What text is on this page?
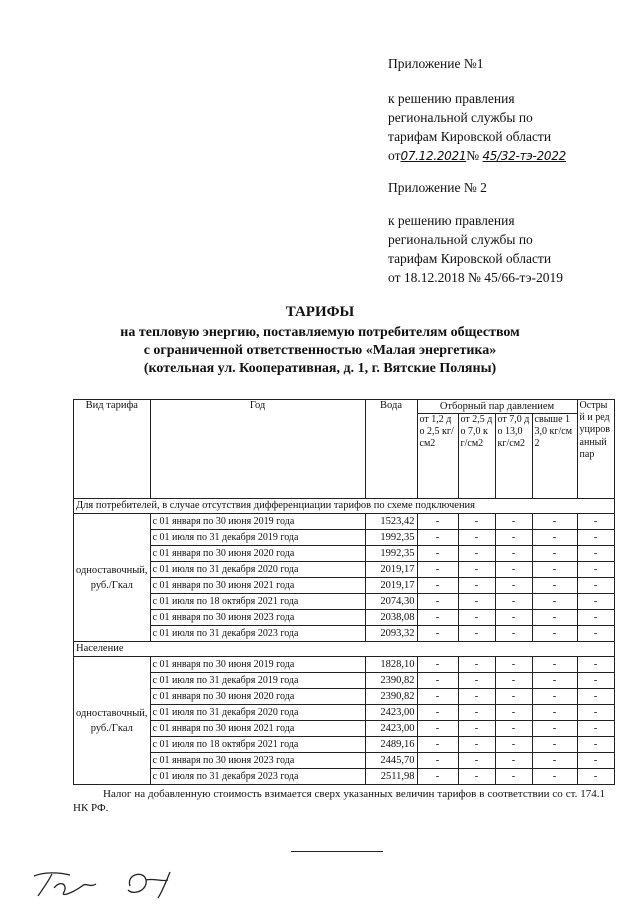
Приложение №1
к решению правления
региональной службы по
тарифам Кировской области
от07.12.2021№ 45/32-тэ-2022
Приложение № 2
к решению правления
региональной службы по
тарифам Кировской области
от 18.12.2018 № 45/66-тэ-2019
ТАРИФЫ
на тепловую энергию, поставляемую потребителям обществом
с ограниченной ответственностью «Малая энергетика»
(котельная ул. Кооперативная, д. 1, г. Вятские Поляны)
Вид тарифа	Год	Вода	Отборный пар давлением				Острый и редуцированный пар
			от 1,2 до 2,5 кг/см2	от 2,5 до 7,0 кг/см2	от 7,0 до 13,0 кг/см2	свыше 13,0 кг/см2	
Для потребителей, в случае отсутствия дифференциации тарифов по схеме подключения							
одноставочный, руб./Гкал	с 01 января по 30 июня 2019 года	1523,42	-	-	-	-	-
	с 01 июля по 31 декабря 2019 года	1992,35	-	-	-	-	-
	с 01 января по 30 июня 2020 года	1992,35	-	-	-	-	-
	с 01 июля по 31 декабря 2020 года	2019,17	-	-	-	-	-
	с 01 января по 30 июня 2021 года	2019,17	-	-	-	-	-
	с 01 июля по 18 октября 2021 года	2074,30	-	-	-	-	-
	с 01 января по 30 июня 2023 года	2038,08	-	-	-	-	-
	с 01 июля по 31 декабря 2023 года	2093,32	-	-	-	-	-
Население							
одноставочный, руб./Гкал	с 01 января по 30 июня 2019 года	1828,10	-	-	-	-	-
	с 01 июля по 31 декабря 2019 года	2390,82	-	-	-	-	-
	с 01 января по 30 июня 2020 года	2390,82	-	-	-	-	-
	с 01 июля по 31 декабря 2020 года	2423,00	-	-	-	-	-
	с 01 января по 30 июня 2021 года	2423,00	-	-	-	-	-
	с 01 июля по 18 октября 2021 года	2489,16	-	-	-	-	-
	с 01 января по 30 июня 2023 года	2445,70	-	-	-	-	-
	с 01 июля по 31 декабря 2023 года	2511,98	-	-	-	-	-
Налог на добавленную стоимость взимается сверх указанных величин тарифов в соответствии со ст. 174.1 НК РФ.
